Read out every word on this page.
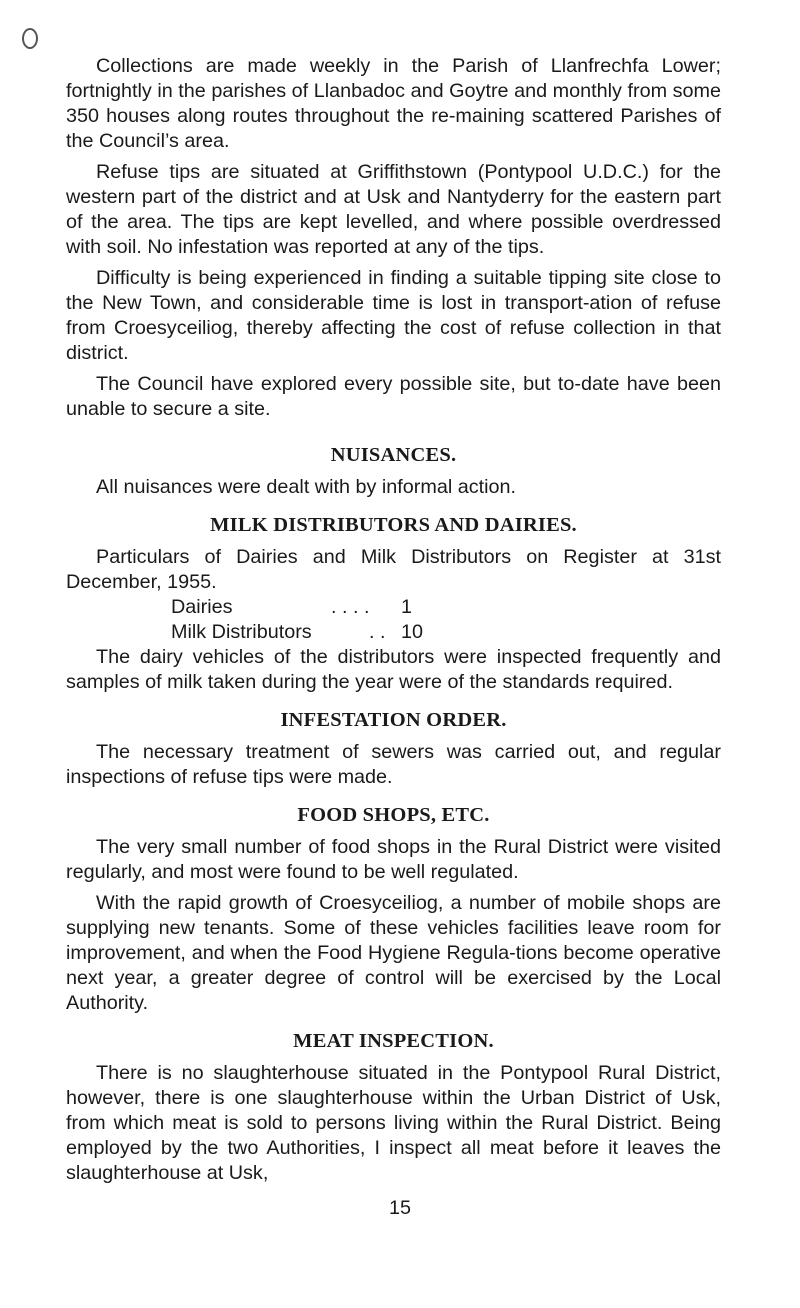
Collections are made weekly in the Parish of Llanfrechfa Lower; fortnightly in the parishes of Llanbadoc and Goytre and monthly from some 350 houses along routes throughout the re-maining scattered Parishes of the Council’s area.

Refuse tips are situated at Griffithstown (Pontypool U.D.C.) for the western part of the district and at Usk and Nantyderry for the eastern part of the area. The tips are kept levelled, and where possible overdressed with soil. No infestation was reported at any of the tips.

Difficulty is being experienced in finding a suitable tipping site close to the New Town, and considerable time is lost in transport-ation of refuse from Croesyceiliog, thereby affecting the cost of refuse collection in that district.

The Council have explored every possible site, but to-date have been unable to secure a site.

NUISANCES.

All nuisances were dealt with by informal action.

MILK DISTRIBUTORS AND DAIRIES.

Particulars of Dairies and Milk Distributors on Register at 31st December, 1955.

Dairies	. . . .	1
Milk Distributors	. . 10

The dairy vehicles of the distributors were inspected frequently and samples of milk taken during the year were of the standards required.

INFESTATION ORDER.

The necessary treatment of sewers was carried out, and regular inspections of refuse tips were made.

FOOD SHOPS, ETC.

The very small number of food shops in the Rural District were visited regularly, and most were found to be well regulated.

With the rapid growth of Croesyceiliog, a number of mobile shops are supplying new tenants. Some of these vehicles facilities leave room for improvement, and when the Food Hygiene Regula-tions become operative next year, a greater degree of control will be exercised by the Local Authority.

MEAT INSPECTION.

There is no slaughterhouse situated in the Pontypool Rural District, however, there is one slaughterhouse within the Urban District of Usk, from which meat is sold to persons living within the Rural District. Being employed by the two Authorities, I inspect all meat before it leaves the slaughterhouse at Usk,

15
